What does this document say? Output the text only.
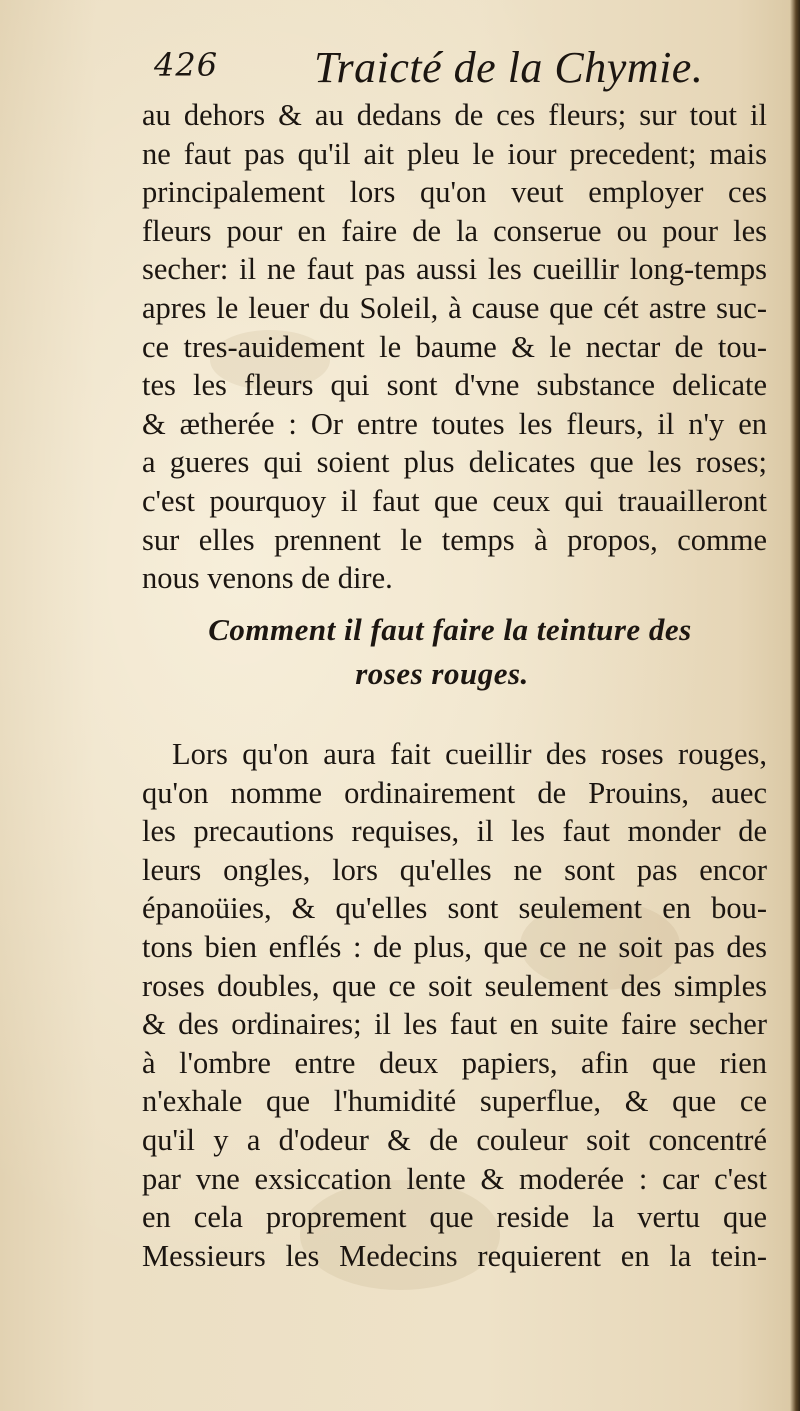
426 Traicté de la Chymie.
au dehors & au dedans de ces fleurs; sur tout il
ne faut pas qu'il ait pleu le iour precedent; mais
principalement lors qu'on veut employer ces
fleurs pour en faire de la conserue ou pour les
secher: il ne faut pas aussi les cueillir long-temps
apres le leuer du Soleil, à cause que cét astre suc-
ce tres-auidement le baume & le nectar de tou-
tes les fleurs qui sont d'vne substance delicate
& ætherée : Or entre toutes les fleurs, il n'y en
a gueres qui soient plus delicates que les roses;
c'est pourquoy il faut que ceux qui trauailleront
sur elles prennent le temps à propos, comme
nous venons de dire.
Comment il faut faire la teinture des
roses rouges.
Lors qu'on aura fait cueillir des roses rouges,
qu'on nomme ordinairement de Prouins, auec
les precautions requises, il les faut monder de
leurs ongles, lors qu'elles ne sont pas encor
épanoüies, & qu'elles sont seulement en bou-
tons bien enflés : de plus, que ce ne soit pas des
roses doubles, que ce soit seulement des simples
& des ordinaires; il les faut en suite faire secher
à l'ombre entre deux papiers, afin que rien
n'exhale que l'humidité superflue, & que ce
qu'il y a d'odeur & de couleur soit concentré
par vne exsiccation lente & moderée : car c'est
en cela proprement que reside la vertu que
Messieurs les Medecins requierent en la tein-
